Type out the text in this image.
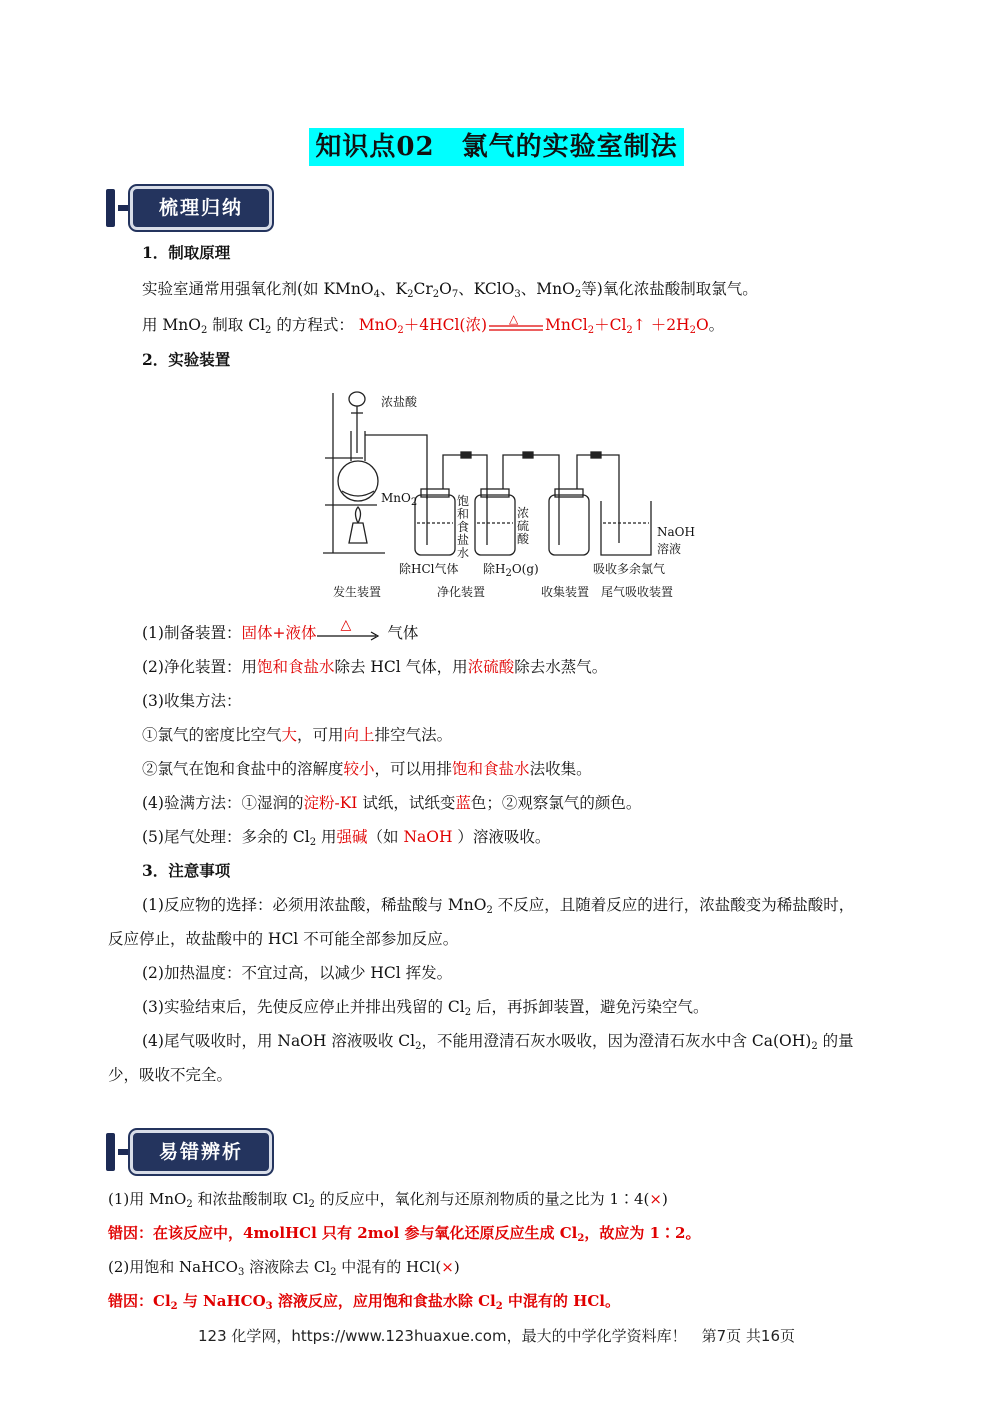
知识点02　氯气的实验室制法
梳理归纳
1．制取原理
实验室通常用强氧化剂(如 KMnO$_4$、$K_2Cr_2O_7$、KClO$_3$、MnO$_2$等)氧化浓盐酸制取氯气。
用 MnO$_2$ 制取 $Cl_2$ 的方程式： MnO$_2$＋4HCl(浓) △ $MnCl_2+Cl_2↑ +2H_2O$。
2．实验装置
浓盐酸
MnO$_2$	饱和食盐水
浓硫酸	NaOH
溶液
除HCl气体 除$H_2O(g)$	吸收多余氯气
发生装置	净化装置	收集装置 尾气吸收装置
(1)制备装置：固体+液体 △ 气体
(2)净化装置：用饱和食盐水除去 HCl 气体，用浓硫酸除去水蒸气。
(3)收集方法：
①氯气的密度比空气大，可用向上排空气法。
②氯气在饱和食盐中的溶解度较小，可以用排饱和食盐水法收集。
(4)验满方法：①湿润的淀粉-KI 试纸，试纸变蓝色；②观察氯气的颜色。
(5)尾气处理：多余的 $Cl_2$ 用强碱（如 NaOH ）溶液吸收。
3．注意事项
(1)反应物的选择：必须用浓盐酸，稀盐酸与 MnO$_2$ 不反应，且随着反应的进行，浓盐酸变为稀盐酸时，反应停止，故盐酸中的 HCl 不可能全部参加反应。
(2)加热温度：不宜过高，以减少 HCl 挥发。
(3)实验结束后，先使反应停止并排出残留的 $Cl_2$ 后，再拆卸装置，避免污染空气。
(4)尾气吸收时，用 NaOH 溶液吸收 $Cl_2$，不能用澄清石灰水吸收，因为澄清石灰水中含 $Ca(OH)_2$ 的量少，吸收不完全。
易错辨析
(1)用 MnO$_2$ 和浓盐酸制取 $Cl_2$ 的反应中，氧化剂与还原剂物质的量之比为 1∶4(×)
错因：在该反应中，4molHCl 只有 2mol 参与氧化还原反应生成 $Cl_2$，故应为 1∶2。
(2)用饱和 NaHCO$_3$ 溶液除去 $Cl_2$ 中混有的 HCl(×)
错因：$Cl_2$ 与 NaHCO$_3$ 溶液反应，应用饱和食盐水除 $Cl_2$ 中混有的 HCl。
123 化学网，https://www.123huaxue.com，最大的中学化学资料库！　第7页 共16页
